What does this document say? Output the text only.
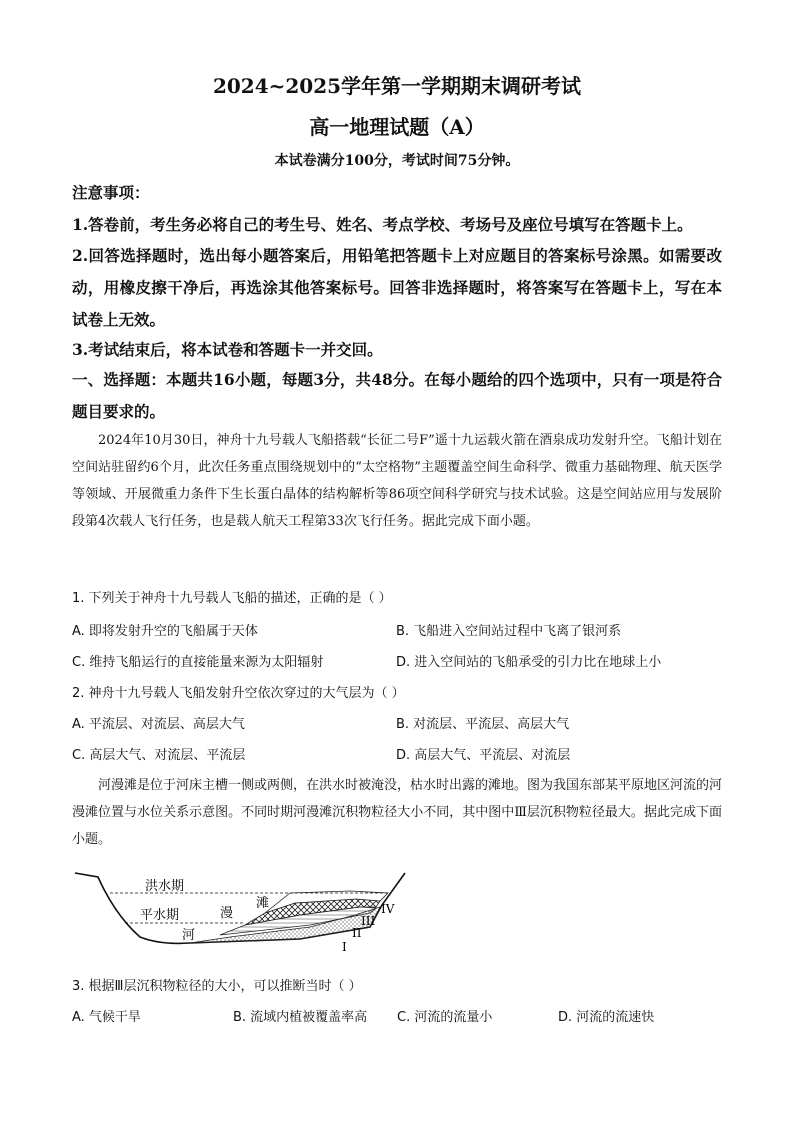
2024~2025学年第一学期期末调研考试
高一地理试题（A）
本试卷满分100分，考试时间75分钟。
注意事项：
1.答卷前，考生务必将自己的考生号、姓名、考点学校、考场号及座位号填写在答题卡上。
2.回答选择题时，选出每小题答案后，用铅笔把答题卡上对应题目的答案标号涂黑。如需要改动，用橡皮擦干净后，再选涂其他答案标号。回答非选择题时，将答案写在答题卡上，写在本试卷上无效。
3.考试结束后，将本试卷和答题卡一并交回。
一、选择题：本题共16小题，每题3分，共48分。在每小题给的四个选项中，只有一项是符合题目要求的。
2024年10月30日，神舟十九号载人飞船搭载“长征二号F”遥十九运载火箭在酒泉成功发射升空。飞船计划在空间站驻留约6个月，此次任务重点围绕规划中的“太空格物”主题覆盖空间生命科学、微重力基础物理、航天医学等领域、开展微重力条件下生长蛋白晶体的结构解析等86项空间科学研究与技术试验。这是空间站应用与发展阶段第4次载人飞行任务，也是载人航天工程第33次飞行任务。据此完成下面小题。
1. 下列关于神舟十九号载人飞船的描述，正确的是（ ）
A. 即将发射升空的飞船属于天体	B. 飞船进入空间站过程中飞离了银河系
C. 维持飞船运行的直接能量来源为太阳辐射	D. 进入空间站的飞船承受的引力比在地球上小
2. 神舟十九号载人飞船发射升空依次穿过的大气层为（ ）
A. 平流层、对流层、高层大气	B. 对流层、平流层、高层大气
C. 高层大气、对流层、平流层	D. 高层大气、平流层、对流层
河漫滩是位于河床主槽一侧或两侧，在洪水时被淹没，枯水时出露的滩地。图为我国东部某平原地区河流的河漫滩位置与水位关系示意图。不同时期河漫滩沉积物粒径大小不同，其中图中Ⅲ层沉积物粒径最大。据此完成下面小题。
洪水期
平水期	漫
滩
河
I
II
III
IV
3. 根据Ⅲ层沉积物粒径的大小，可以推断当时（ ）
A. 气候干旱	B. 流域内植被覆盖率高 C. 河流的流量小	D. 河流的流速快
